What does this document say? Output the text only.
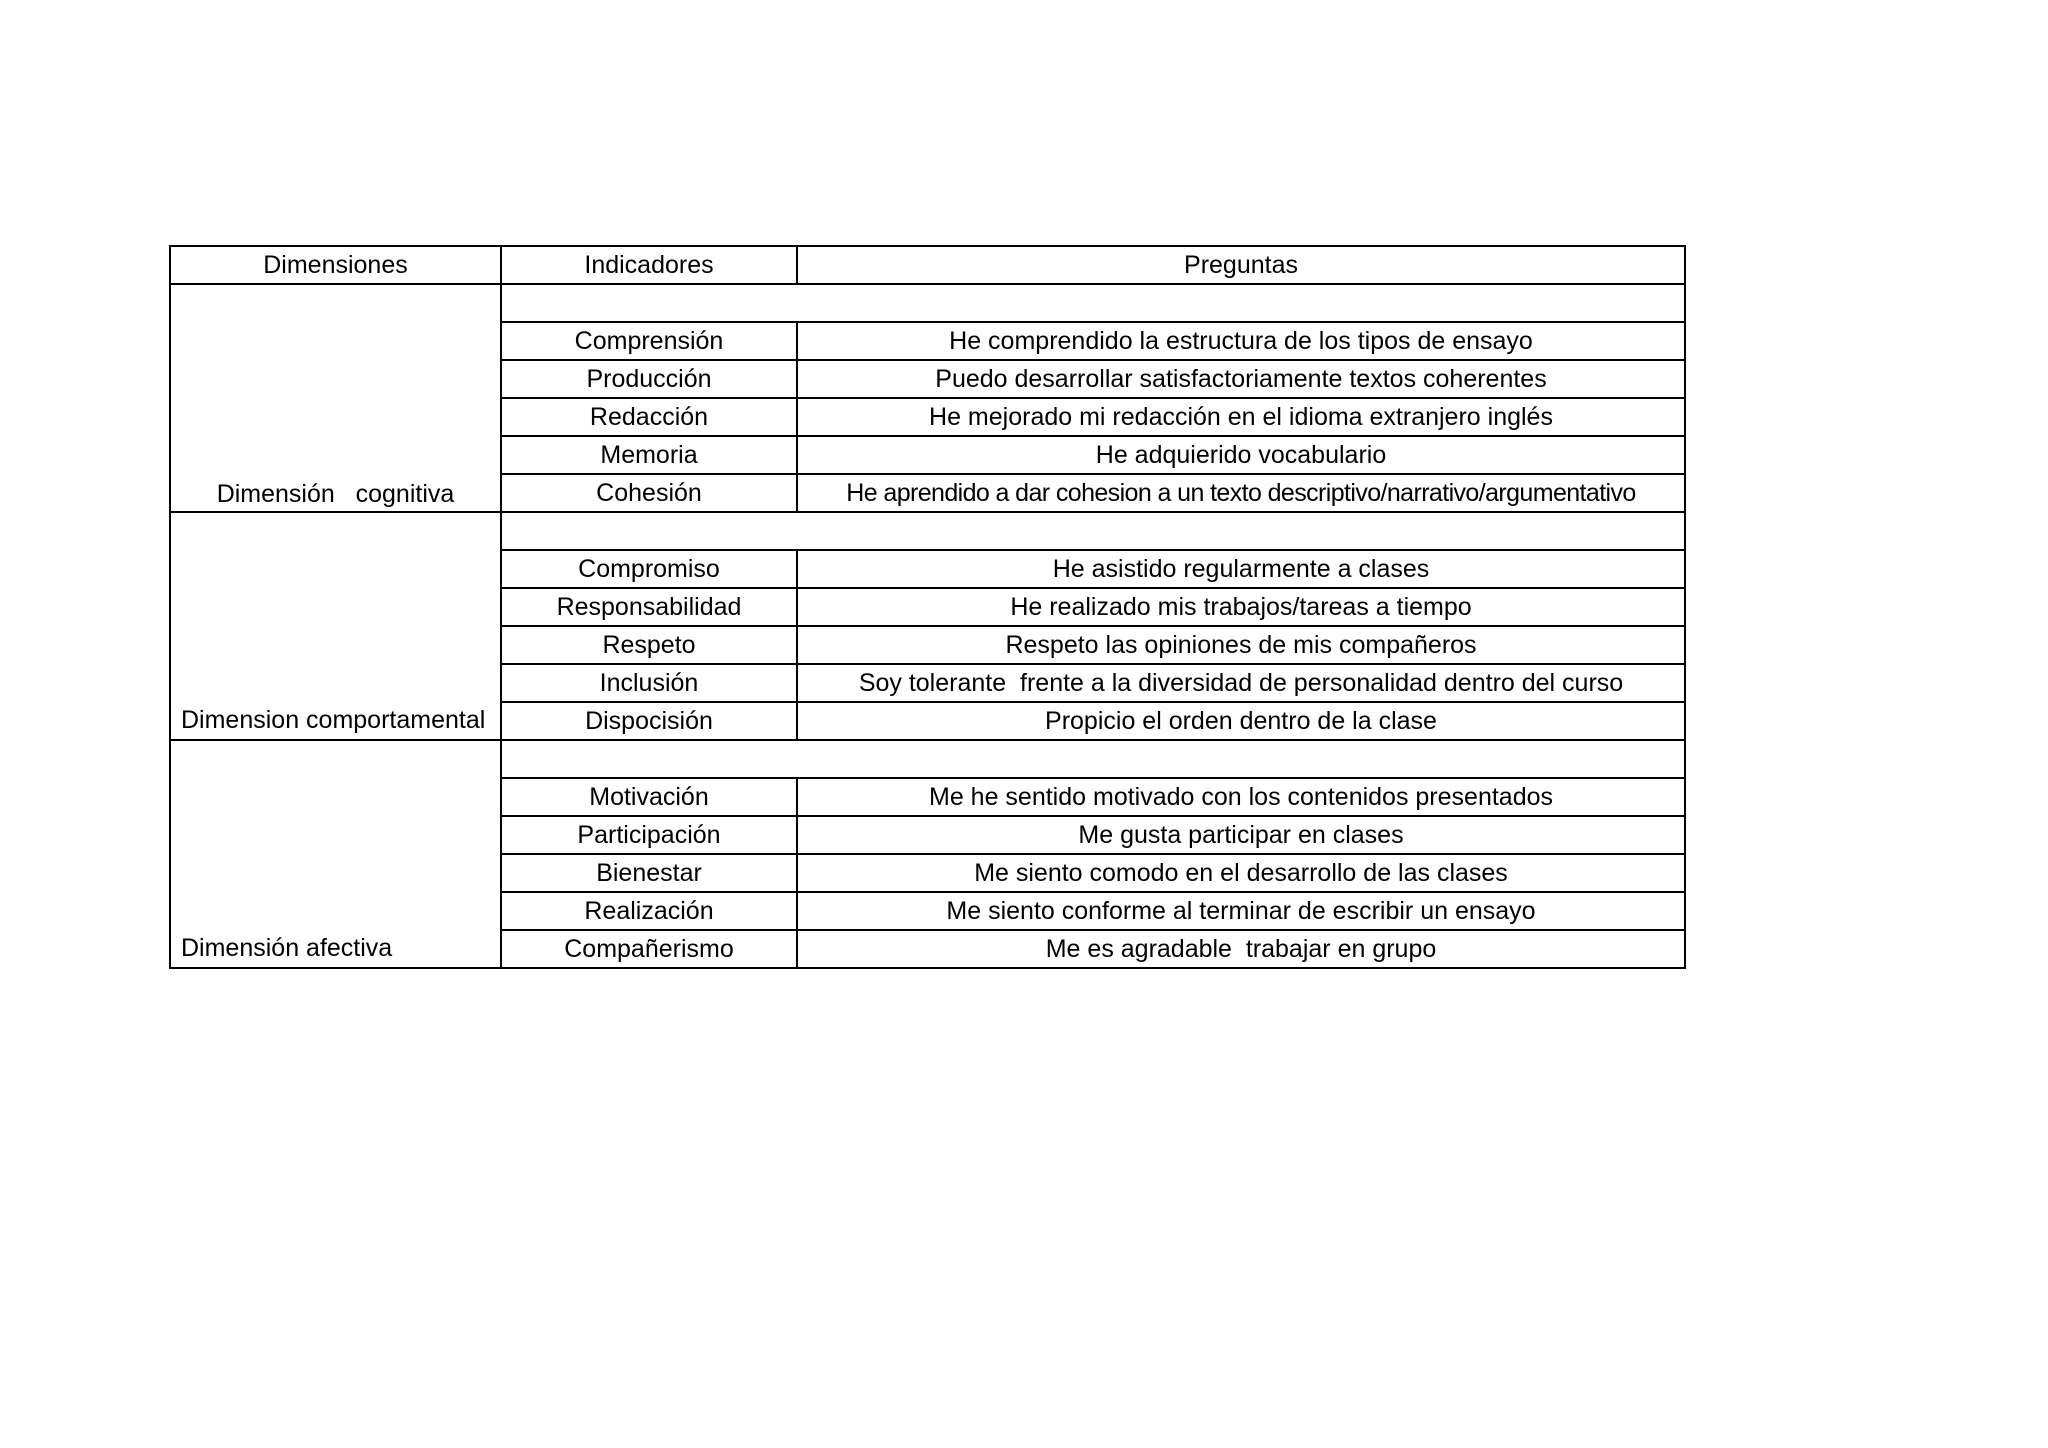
Dimensiones	Indicadores	Preguntas
Dimensión   cognitiva		
	Comprensión	He comprendido la estructura de los tipos de ensayo
	Producción	Puedo desarrollar satisfactoriamente textos coherentes
	Redacción	He mejorado mi redacción en el idioma extranjero inglés
	Memoria	He adquierido vocabulario
	Cohesión	He aprendido a dar cohesion a un texto descriptivo/narrativo/argumentativo
Dimension comportamental		
	Compromiso	He asistido regularmente a clases
	Responsabilidad	He realizado mis trabajos/tareas a tiempo
	Respeto	Respeto las opiniones de mis compañeros
	Inclusión	Soy tolerante  frente a la diversidad de personalidad dentro del curso
	Dispocisión	Propicio el orden dentro de la clase
Dimensión afectiva		
	Motivación	Me he sentido motivado con los contenidos presentados
	Participación	Me gusta participar en clases
	Bienestar	Me siento comodo en el desarrollo de las clases
	Realización	Me siento conforme al terminar de escribir un ensayo
	Compañerismo	Me es agradable  trabajar en grupo
